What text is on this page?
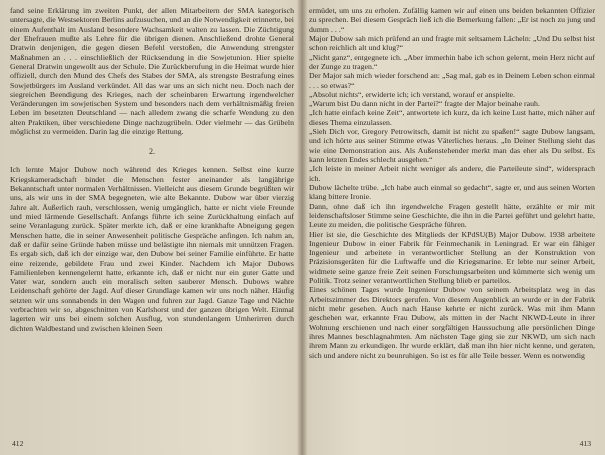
fand seine Erklärung im zweiten Punkt, der allen Mitarbeitern der SMA kategorisch untersagte, die Westsektoren Berlins aufzusuchen, und an die Notwendigkeit erinnerte, bei einem Aufenthalt im Ausland besondere Wachsamkeit walten zu lassen. Die Züchtigung der Ehefrauen mußte als Lehre für die übrigen dienen. Anschließend drohte General Dratwin denjenigen, die gegen diesen Befehl verstoßen, die Anwendung strengster Maßnahmen an . . . einschließlich der Rücksendung in die Sowjetunion. Hier spielte General Dratwin ungewollt aus der Schule. Die Zurückberufung in die Heimat wurde hier offiziell, durch den Mund des Chefs des Stabes der SMA, als strengste Bestrafung eines Sowjetbürgers im Ausland verkündet. All das war uns an sich nicht neu. Doch nach der siegreichen Beendigung des Krieges, nach der scheinbaren Erwartung irgendwelcher Veränderungen im sowjetischen System und besonders nach dem verhältnismäßig freien Leben im besetzten Deutschland — nach alledem zwang die scharfe Wendung zu den alten Praktiken, über verschiedene Dinge nachzugrübeln. Oder vielmehr — das Grübeln möglichst zu vermeiden. Darin lag die einzige Rettung.

2.

Ich lernte Major Dubow noch während des Krieges kennen. Selbst eine kurze Kriegskameradschaft bindet die Menschen fester aneinander als langjährige Bekanntschaft unter normalen Verhältnissen. Vielleicht aus diesem Grunde begrüßten wir uns, als wir uns in der SMA begegneten, wie alte Bekannte. Dubow war über vierzig Jahre alt. Äußerlich rauh, verschlossen, wenig umgänglich, hatte er nicht viele Freunde und mied lärmende Gesellschaft. Anfangs führte ich seine Zurückhaltung einfach auf seine Veranlagung zurück. Später merkte ich, daß er eine krankhafte Abneigung gegen Menschen hatte, die in seiner Anwesenheit politische Gespräche anfingen. Ich nahm an, daß er dafür seine Gründe haben müsse und belästigte ihn niemals mit unnützen Fragen. Es ergab sich, daß ich der einzige war, den Dubow bei seiner Familie einführte. Er hatte eine reizende, gebildete Frau und zwei Kinder. Nachdem ich Major Dubows Familienleben kennengelernt hatte, erkannte ich, daß er nicht nur ein guter Gatte und Vater war, sondern auch ein moralisch selten sauberer Mensch. Dubows wahre Leidenschaft gehörte der Jagd. Auf dieser Grundlage kamen wir uns noch näher. Häufig setzten wir uns sonnabends in den Wagen und fuhren zur Jagd. Ganze Tage und Nächte verbrachten wir so, abgeschnitten von Karlshorst und der ganzen übrigen Welt. Einmal lagerten wir uns bei einem solchen Ausflug, von stundenlangem Umherirren durch dichten Waldbestand und zwischen kleinen Seen

412

ermüdet, um uns zu erholen. Zufällig kamen wir auf einen uns beiden bekannten Offizier zu sprechen. Bei diesem Gespräch ließ ich die Bemerkung fallen: „Er ist noch zu jung und dumm . . .“

Major Dubow sah mich prüfend an und fragte mit seltsamem Lächeln: „Und Du selbst hist schon reichlich alt und klug?“

„Nicht ganz“, entgegnete ich. „Aber immerhin habe ich schon gelernt, mein Herz nicht auf der Zunge zu tragen.“

Der Major sah mich wieder forschend an: „Sag mal, gab es in Deinem Leben schon einmal . . . so etwas?“

„Absolut nichts“, erwiderte ich; ich verstand, worauf er anspielte.

„Warum bist Du dann nicht in der Partei?“ fragte der Major beinahe rauh.

„Ich hatte einfach keine Zeit“, antwortete ich kurz, da ich keine Lust hatte, mich näher auf dieses Thema einzulassen.

„Sieh Dich vor, Gregory Petrowitsch, damit ist nicht zu spaßen!“ sagte Dubow langsam, und ich hörte aus seiner Stimme etwas Väterliches heraus. „In Deiner Stellung sieht das wie eine Demonstration aus. Als Außenstehender merkt man das eher als Du selbst. Es kann letzten Endes schlecht ausgehen.“

„Ich leiste in meiner Arbeit nicht weniger als andere, die Parteileute sind“, widersprach ich.

Dubow lächelte trübe. „Ich habe auch einmal so gedacht“, sagte er, und aus seinen Worten klang bittere Ironie.

Dann, ohne daß ich ihn irgendwelche Fragen gestellt hätte, erzählte er mir mit leidenschaftsloser Stimme seine Geschichte, die ihn in die Partei geführt und gelehrt hatte, Leute zu meiden, die politische Gespräche führen.

Hier ist sie, die Geschichte des Mitglieds der KPdSU(B) Major Dubow. 1938 arbeitete Ingenieur Dubow in einer Fabrik für Feinmechanik in Leningrad. Er war ein fähiger Ingenieur und arbeitete in verantwortlicher Stellung an der Konstruktion von Präzisionsgeräten für die Luftwaffe und die Kriegsmarine. Er lebte nur seiner Arbeit, widmete seine ganze freie Zeit seinen Forschungsarbeiten und kümmerte sich wenig um Politik. Trotz seiner verantwortlichen Stellung blieb er parteilos.

Eines schönen Tages wurde Ingenieur Dubow von seinem Arbeitsplatz weg in das Arbeitszimmer des Direktors gerufen. Von diesem Augenblick an wurde er in der Fabrik nicht mehr gesehen. Auch nach Hause kehrte er nicht zurück. Was mit ihm Mann geschehen war, erkannte Frau Dubow, als mitten in der Nacht NKWD-Leute in ihrer Wohnung erschienen und nach einer sorgfältigen Haussuchung alle persönlichen Dinge ihres Mannes beschlagnahmten. Am nächsten Tage ging sie zur NKWD, um sich nach ihrem Mann zu erkundigen. Ihr wurde erklärt, daß man ihn hier nicht kenne, und geraten, sich und andere nicht zu beunruhigen. So ist es für alle Teile besser. Wenn es notwendig

413
